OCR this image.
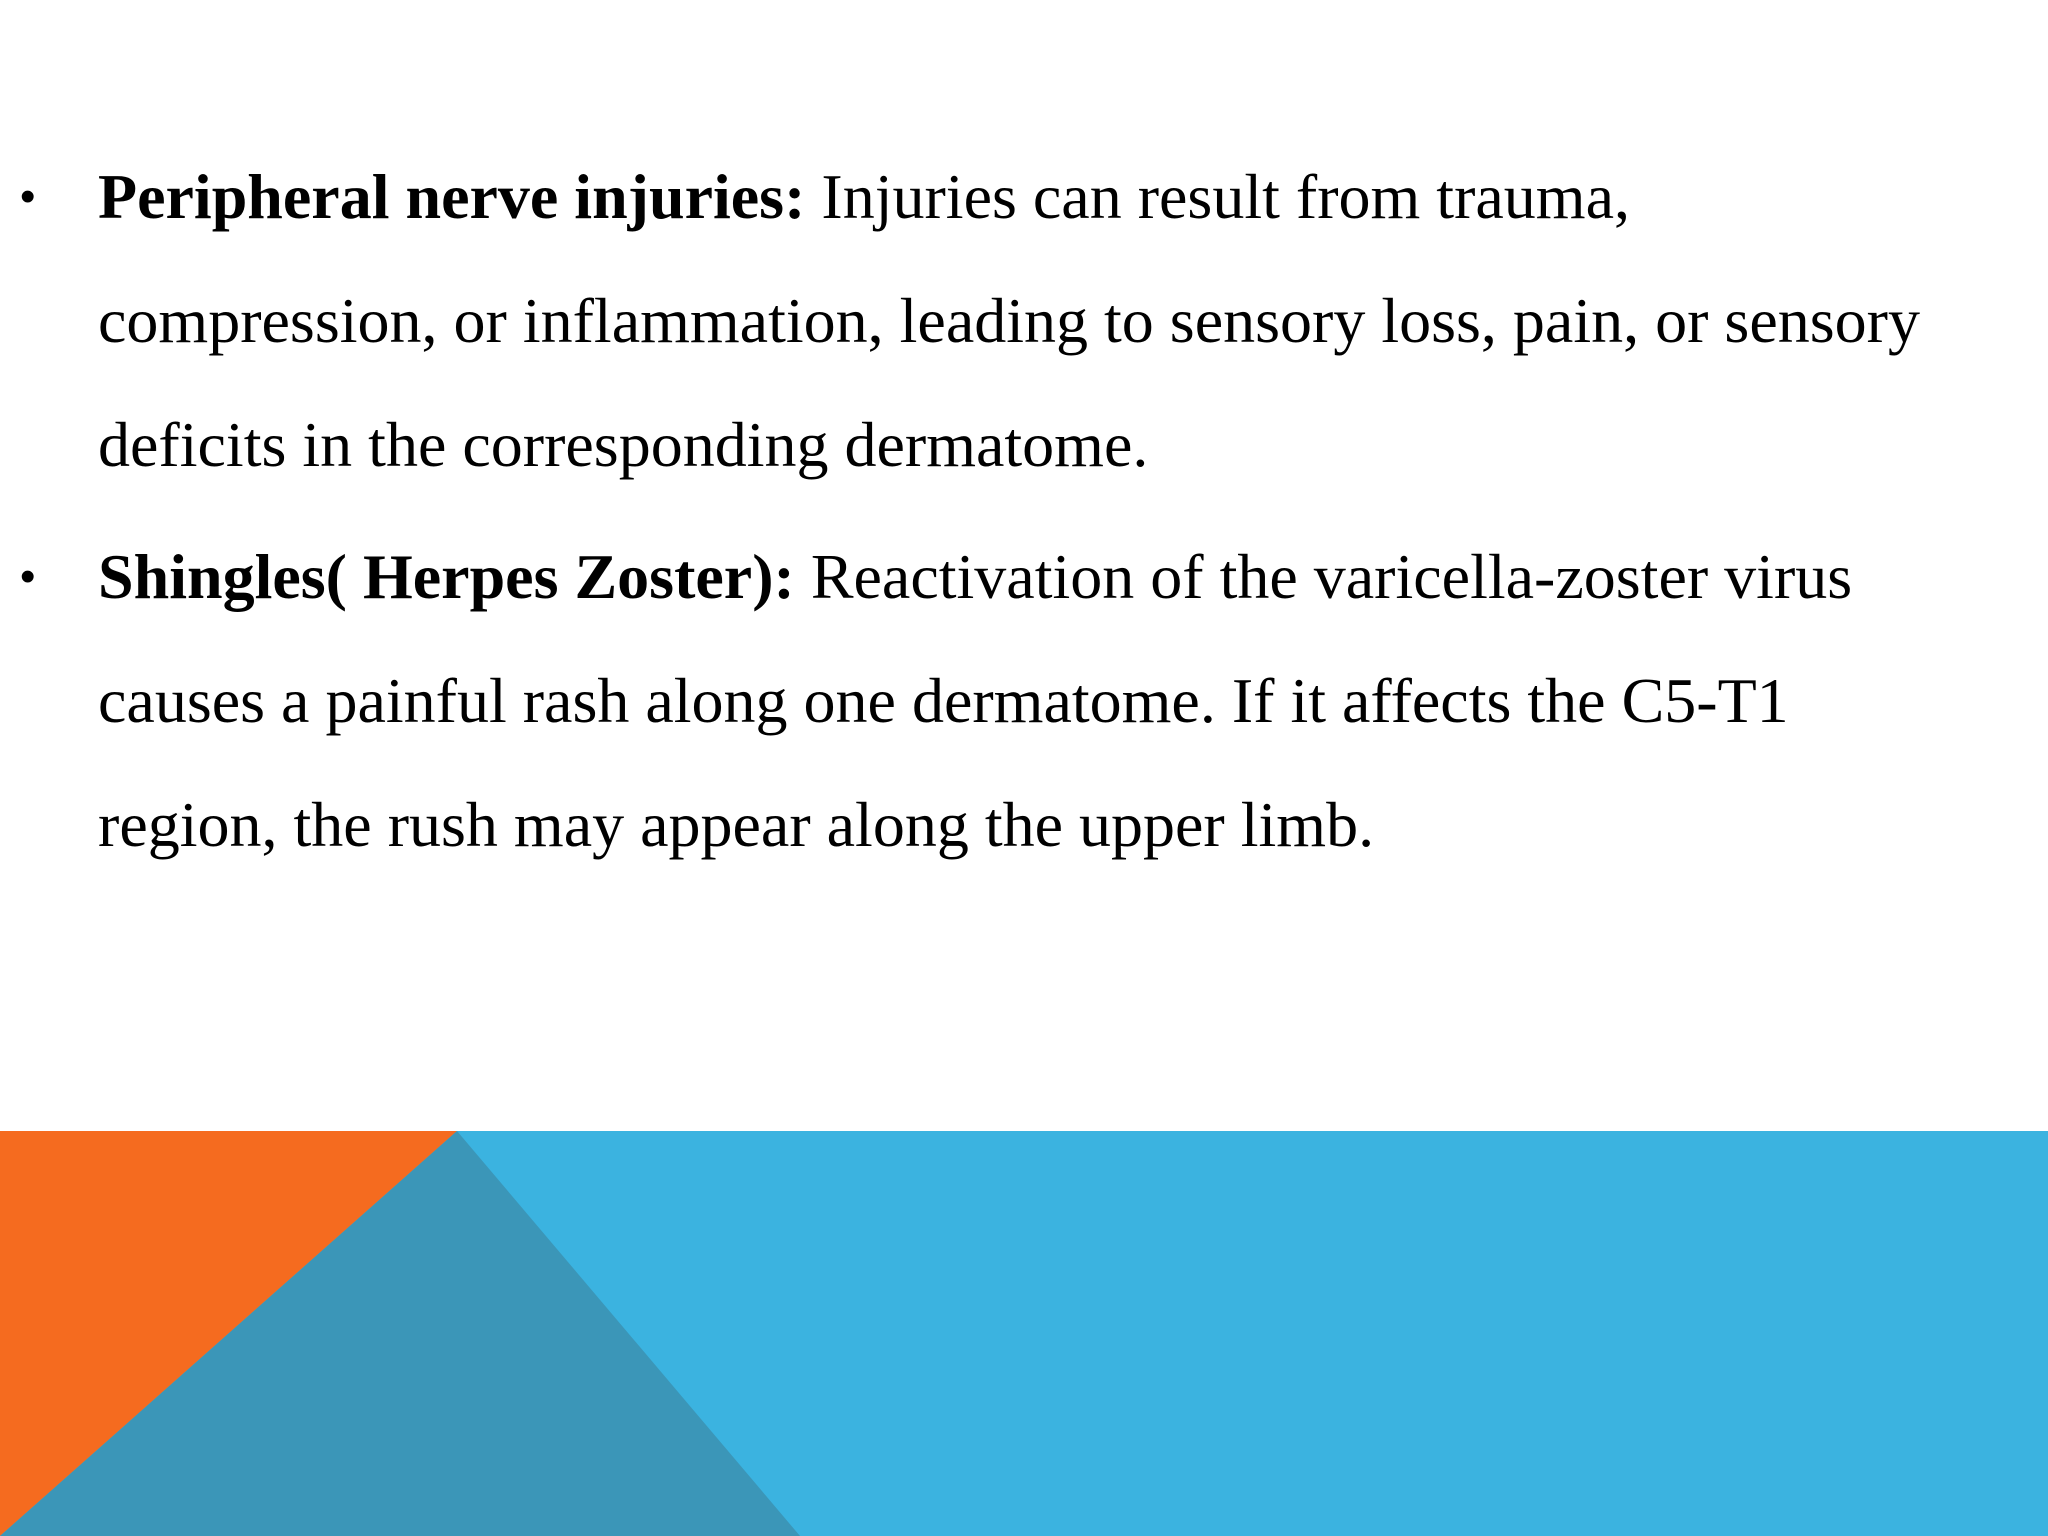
• Peripheral nerve injuries: Injuries can result from trauma, compression, or inflammation, leading to sensory loss, pain, or sensory deficits in the corresponding dermatome.
• Shingles( Herpes Zoster): Reactivation of the varicella-zoster virus causes a painful rash along one dermatome. If it affects the C5-T1 region, the rush may appear along the upper limb.
